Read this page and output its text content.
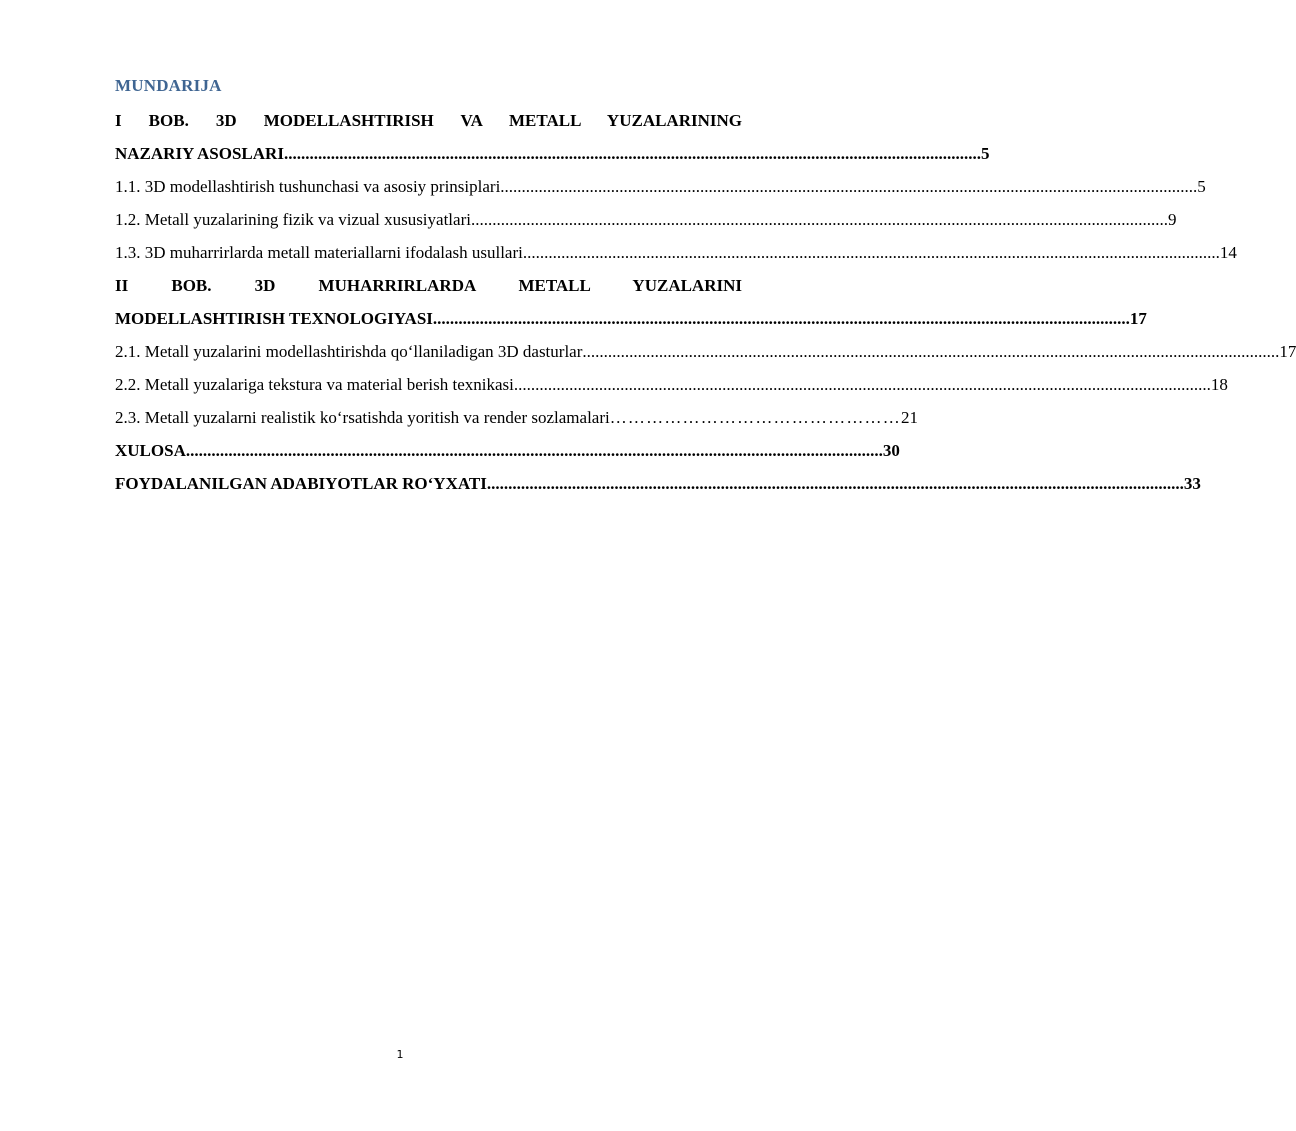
MUNDARIJA
I BOB. 3D MODELLASHTIRISH VA METALL YUZALARINING
NAZARIY ASOSLARI .................................................................................................................................................................... 5
1.1. 3D modellashtirish tushunchasi va asosiy prinsiplari .................................................................................................................................................................... 5
1.2. Metall yuzalarining fizik va vizual xususiyatlari .................................................................................................................................................................... 9
1.3. 3D muharrirlarda metall materiallarni ifodalash usullari .................................................................................................................................................................... 14
II BOB. 3D MUHARRIRLARDA METALL YUZALARINI
MODELLASHTIRISH TEXNOLOGIYASI .................................................................................................................................................................... 17
2.1. Metall yuzalarini modellashtirishda qo‘llaniladigan 3D dasturlar .................................................................................................................................................................... 17
2.2. Metall yuzalariga tekstura va material berish texnikasi .................................................................................................................................................................... 18
2.3. Metall yuzalarni realistik ko‘rsatishda yoritish va render sozlamalari ………………………………………… 21
XULOSA .................................................................................................................................................................... 30
FOYDALANILGAN ADABIYOTLAR RO‘YXATI .................................................................................................................................................................... 33
1
